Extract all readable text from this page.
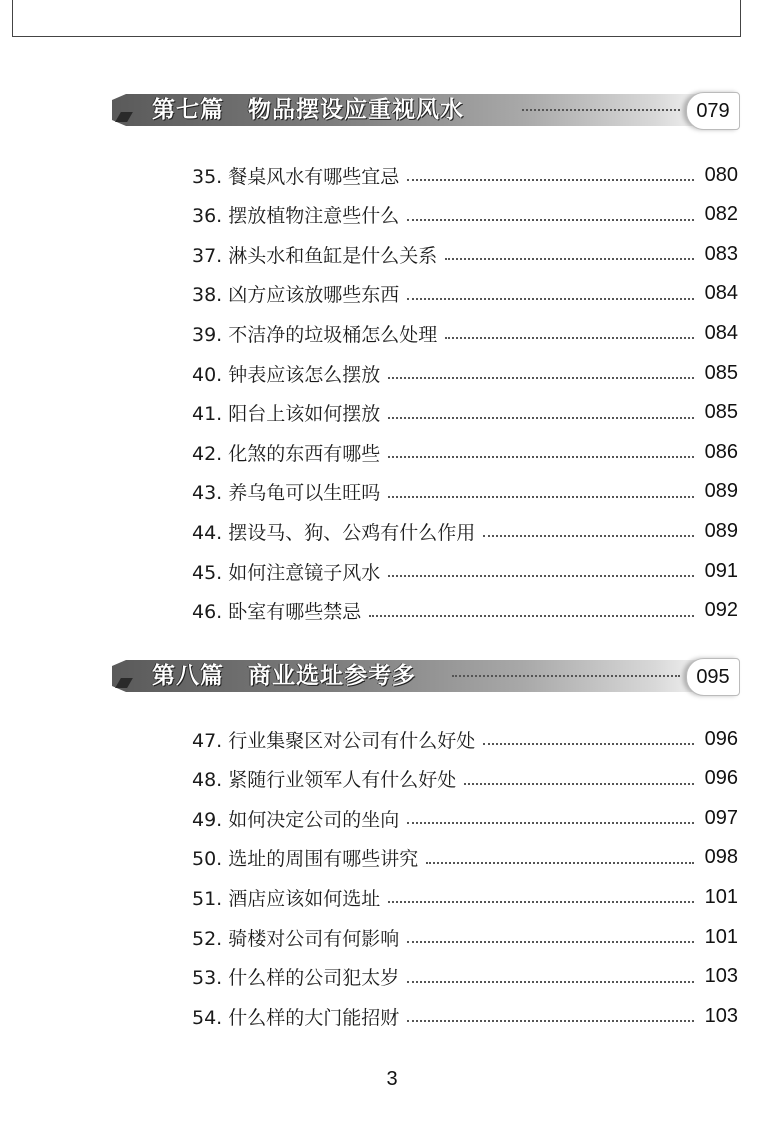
第七篇　物品摆设应重视风水	079
35. 餐桌风水有哪些宜忌	080
36. 摆放植物注意些什么	082
37. 淋头水和鱼缸是什么关系	083
38. 凶方应该放哪些东西	084
39. 不洁净的垃圾桶怎么处理	084
40. 钟表应该怎么摆放	085
41. 阳台上该如何摆放	085
42. 化煞的东西有哪些	086
43. 养乌龟可以生旺吗	089
44. 摆设马、狗、公鸡有什么作用	089
45. 如何注意镜子风水	091
46. 卧室有哪些禁忌	092
第八篇　商业选址参考多	095
47. 行业集聚区对公司有什么好处	096
48. 紧随行业领军人有什么好处	096
49. 如何决定公司的坐向	097
50. 选址的周围有哪些讲究	098
51. 酒店应该如何选址	101
52. 骑楼对公司有何影响	101
53. 什么样的公司犯太岁	103
54. 什么样的大门能招财	103
3
